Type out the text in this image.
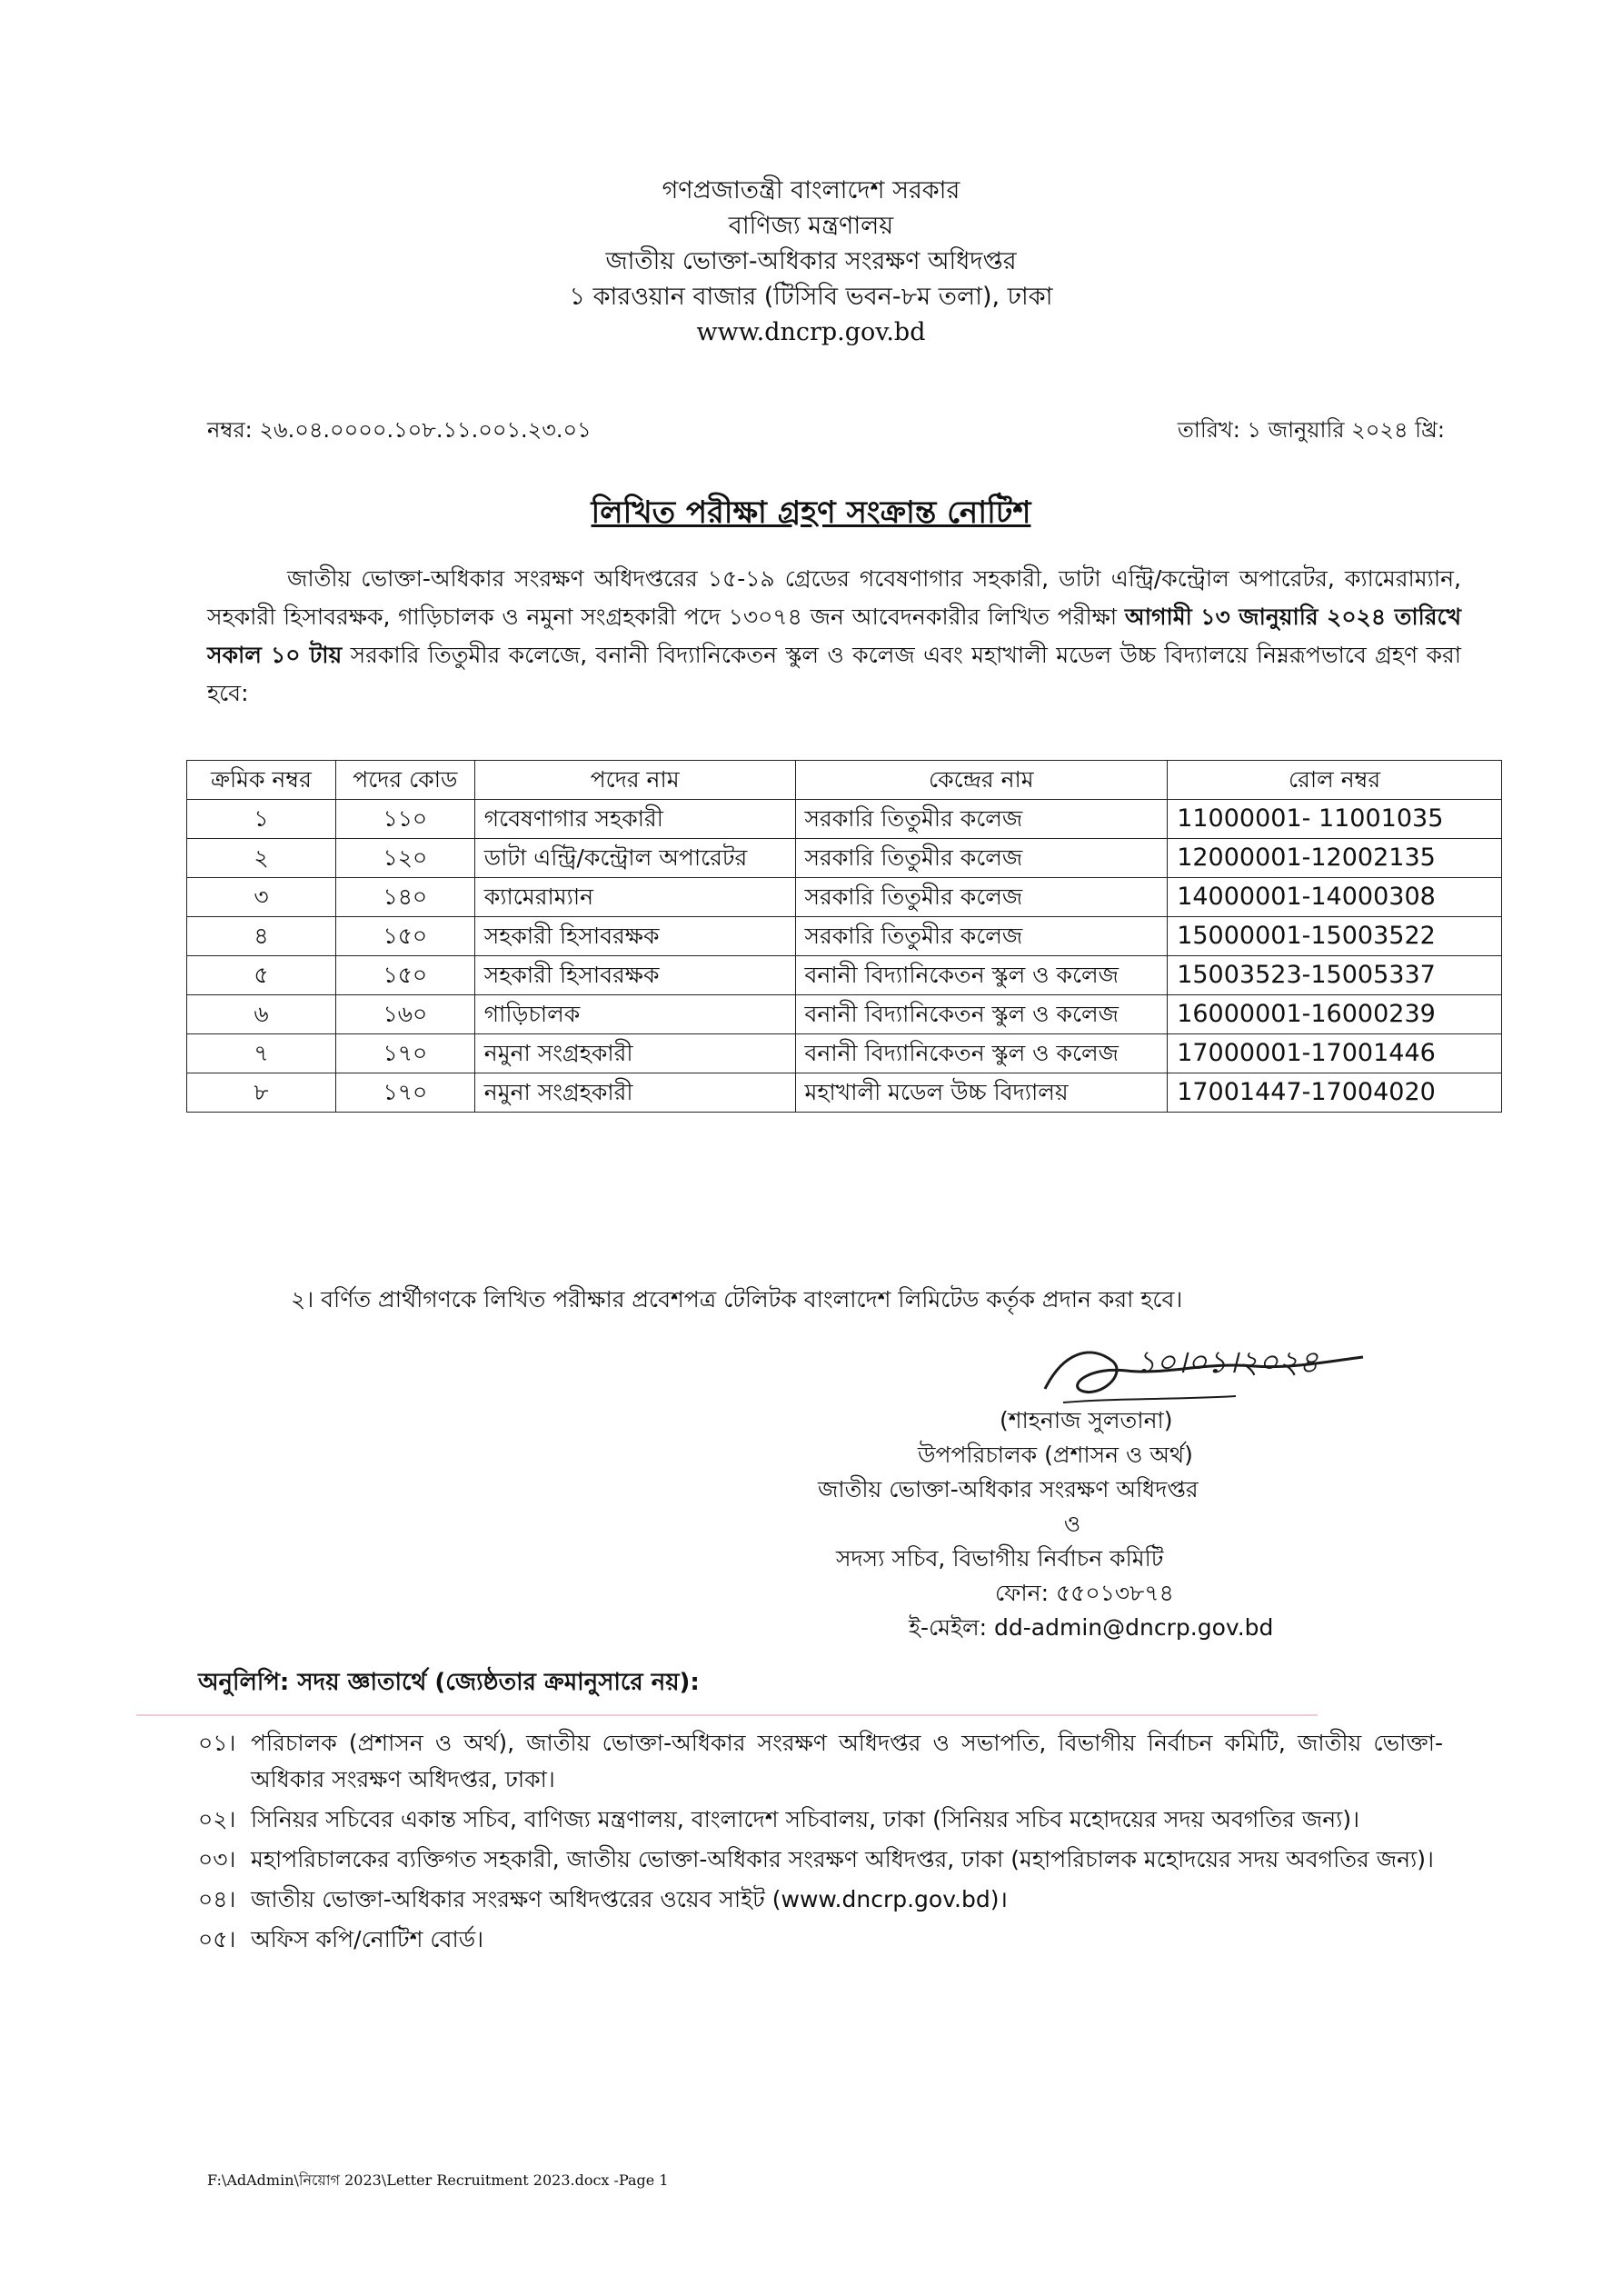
গণপ্রজাতন্ত্রী বাংলাদেশ সরকার
বাণিজ্য মন্ত্রণালয়
জাতীয় ভোক্তা-অধিকার সংরক্ষণ অধিদপ্তর
১ কারওয়ান বাজার (টিসিবি ভবন-৮ম তলা), ঢাকা
www.dncrp.gov.bd
নম্বর: ২৬.০৪.০০০০.১০৮.১১.০০১.২৩.০১	তারিখ: ১ জানুয়ারি ২০২৪ খ্রি:
লিখিত পরীক্ষা গ্রহণ সংক্রান্ত নোটিশ
জাতীয় ভোক্তা-অধিকার সংরক্ষণ অধিদপ্তরের ১৫-১৯ গ্রেডের গবেষণাগার সহকারী, ডাটা এন্ট্রি/কন্ট্রোল অপারেটর, ক্যামেরাম্যান, সহকারী হিসাবরক্ষক, গাড়িচালক ও নমুনা সংগ্রহকারী পদে ১৩০৭৪ জন আবেদনকারীর লিখিত পরীক্ষা আগামী ১৩ জানুয়ারি ২০২৪ তারিখে সকাল ১০ টায় সরকারি তিতুমীর কলেজে, বনানী বিদ্যানিকেতন স্কুল ও কলেজ এবং মহাখালী মডেল উচ্চ বিদ্যালয়ে নিম্নরূপভাবে গ্রহণ করা হবে:
ক্রমিক নম্বর	পদের কোড	পদের নাম	কেন্দ্রের নাম	রোল নম্বর
১	১১০	গবেষণাগার সহকারী	সরকারি তিতুমীর কলেজ	11000001- 11001035
২	১২০	ডাটা এন্ট্রি/কন্ট্রোল অপারেটর	সরকারি তিতুমীর কলেজ	12000001-12002135
৩	১৪০	ক্যামেরাম্যান	সরকারি তিতুমীর কলেজ	14000001-14000308
৪	১৫০	সহকারী হিসাবরক্ষক	সরকারি তিতুমীর কলেজ	15000001-15003522
৫	১৫০	সহকারী হিসাবরক্ষক	বনানী বিদ্যানিকেতন স্কুল ও কলেজ	15003523-15005337
৬	১৬০	গাড়িচালক	বনানী বিদ্যানিকেতন স্কুল ও কলেজ	16000001-16000239
৭	১৭০	নমুনা সংগ্রহকারী	বনানী বিদ্যানিকেতন স্কুল ও কলেজ	17000001-17001446
৮	১৭০	নমুনা সংগ্রহকারী	মহাখালী মডেল উচ্চ বিদ্যালয়	17001447-17004020
২। বর্ণিত প্রার্থীগণকে লিখিত পরীক্ষার প্রবেশপত্র টেলিটক বাংলাদেশ লিমিটেড কর্তৃক প্রদান করা হবে।
১০।০১।২০২৪
(শাহনাজ সুলতানা)
উপপরিচালক (প্রশাসন ও অর্থ)
জাতীয় ভোক্তা-অধিকার সংরক্ষণ অধিদপ্তর
ও
সদস্য সচিব, বিভাগীয় নির্বাচন কমিটি
ফোন: ৫৫০১৩৮৭৪
ই-মেইল: dd-admin@dncrp.gov.bd
অনুলিপি: সদয় জ্ঞাতার্থে (জ্যেষ্ঠতার ক্রমানুসারে নয়):
০১। পরিচালক (প্রশাসন ও অর্থ), জাতীয় ভোক্তা-অধিকার সংরক্ষণ অধিদপ্তর ও সভাপতি, বিভাগীয় নির্বাচন কমিটি, জাতীয় ভোক্তা-অধিকার সংরক্ষণ অধিদপ্তর, ঢাকা।
০২। সিনিয়র সচিবের একান্ত সচিব, বাণিজ্য মন্ত্রণালয়, বাংলাদেশ সচিবালয়, ঢাকা (সিনিয়র সচিব মহোদয়ের সদয় অবগতির জন্য)।
০৩। মহাপরিচালকের ব্যক্তিগত সহকারী, জাতীয় ভোক্তা-অধিকার সংরক্ষণ অধিদপ্তর, ঢাকা (মহাপরিচালক মহোদয়ের সদয় অবগতির জন্য)।
০৪। জাতীয় ভোক্তা-অধিকার সংরক্ষণ অধিদপ্তরের ওয়েব সাইট (www.dncrp.gov.bd)।
০৫। অফিস কপি/নোটিশ বোর্ড।
F:\AdAdmin\নিয়োগ 2023\Letter Recruitment 2023.docx -Page 1
